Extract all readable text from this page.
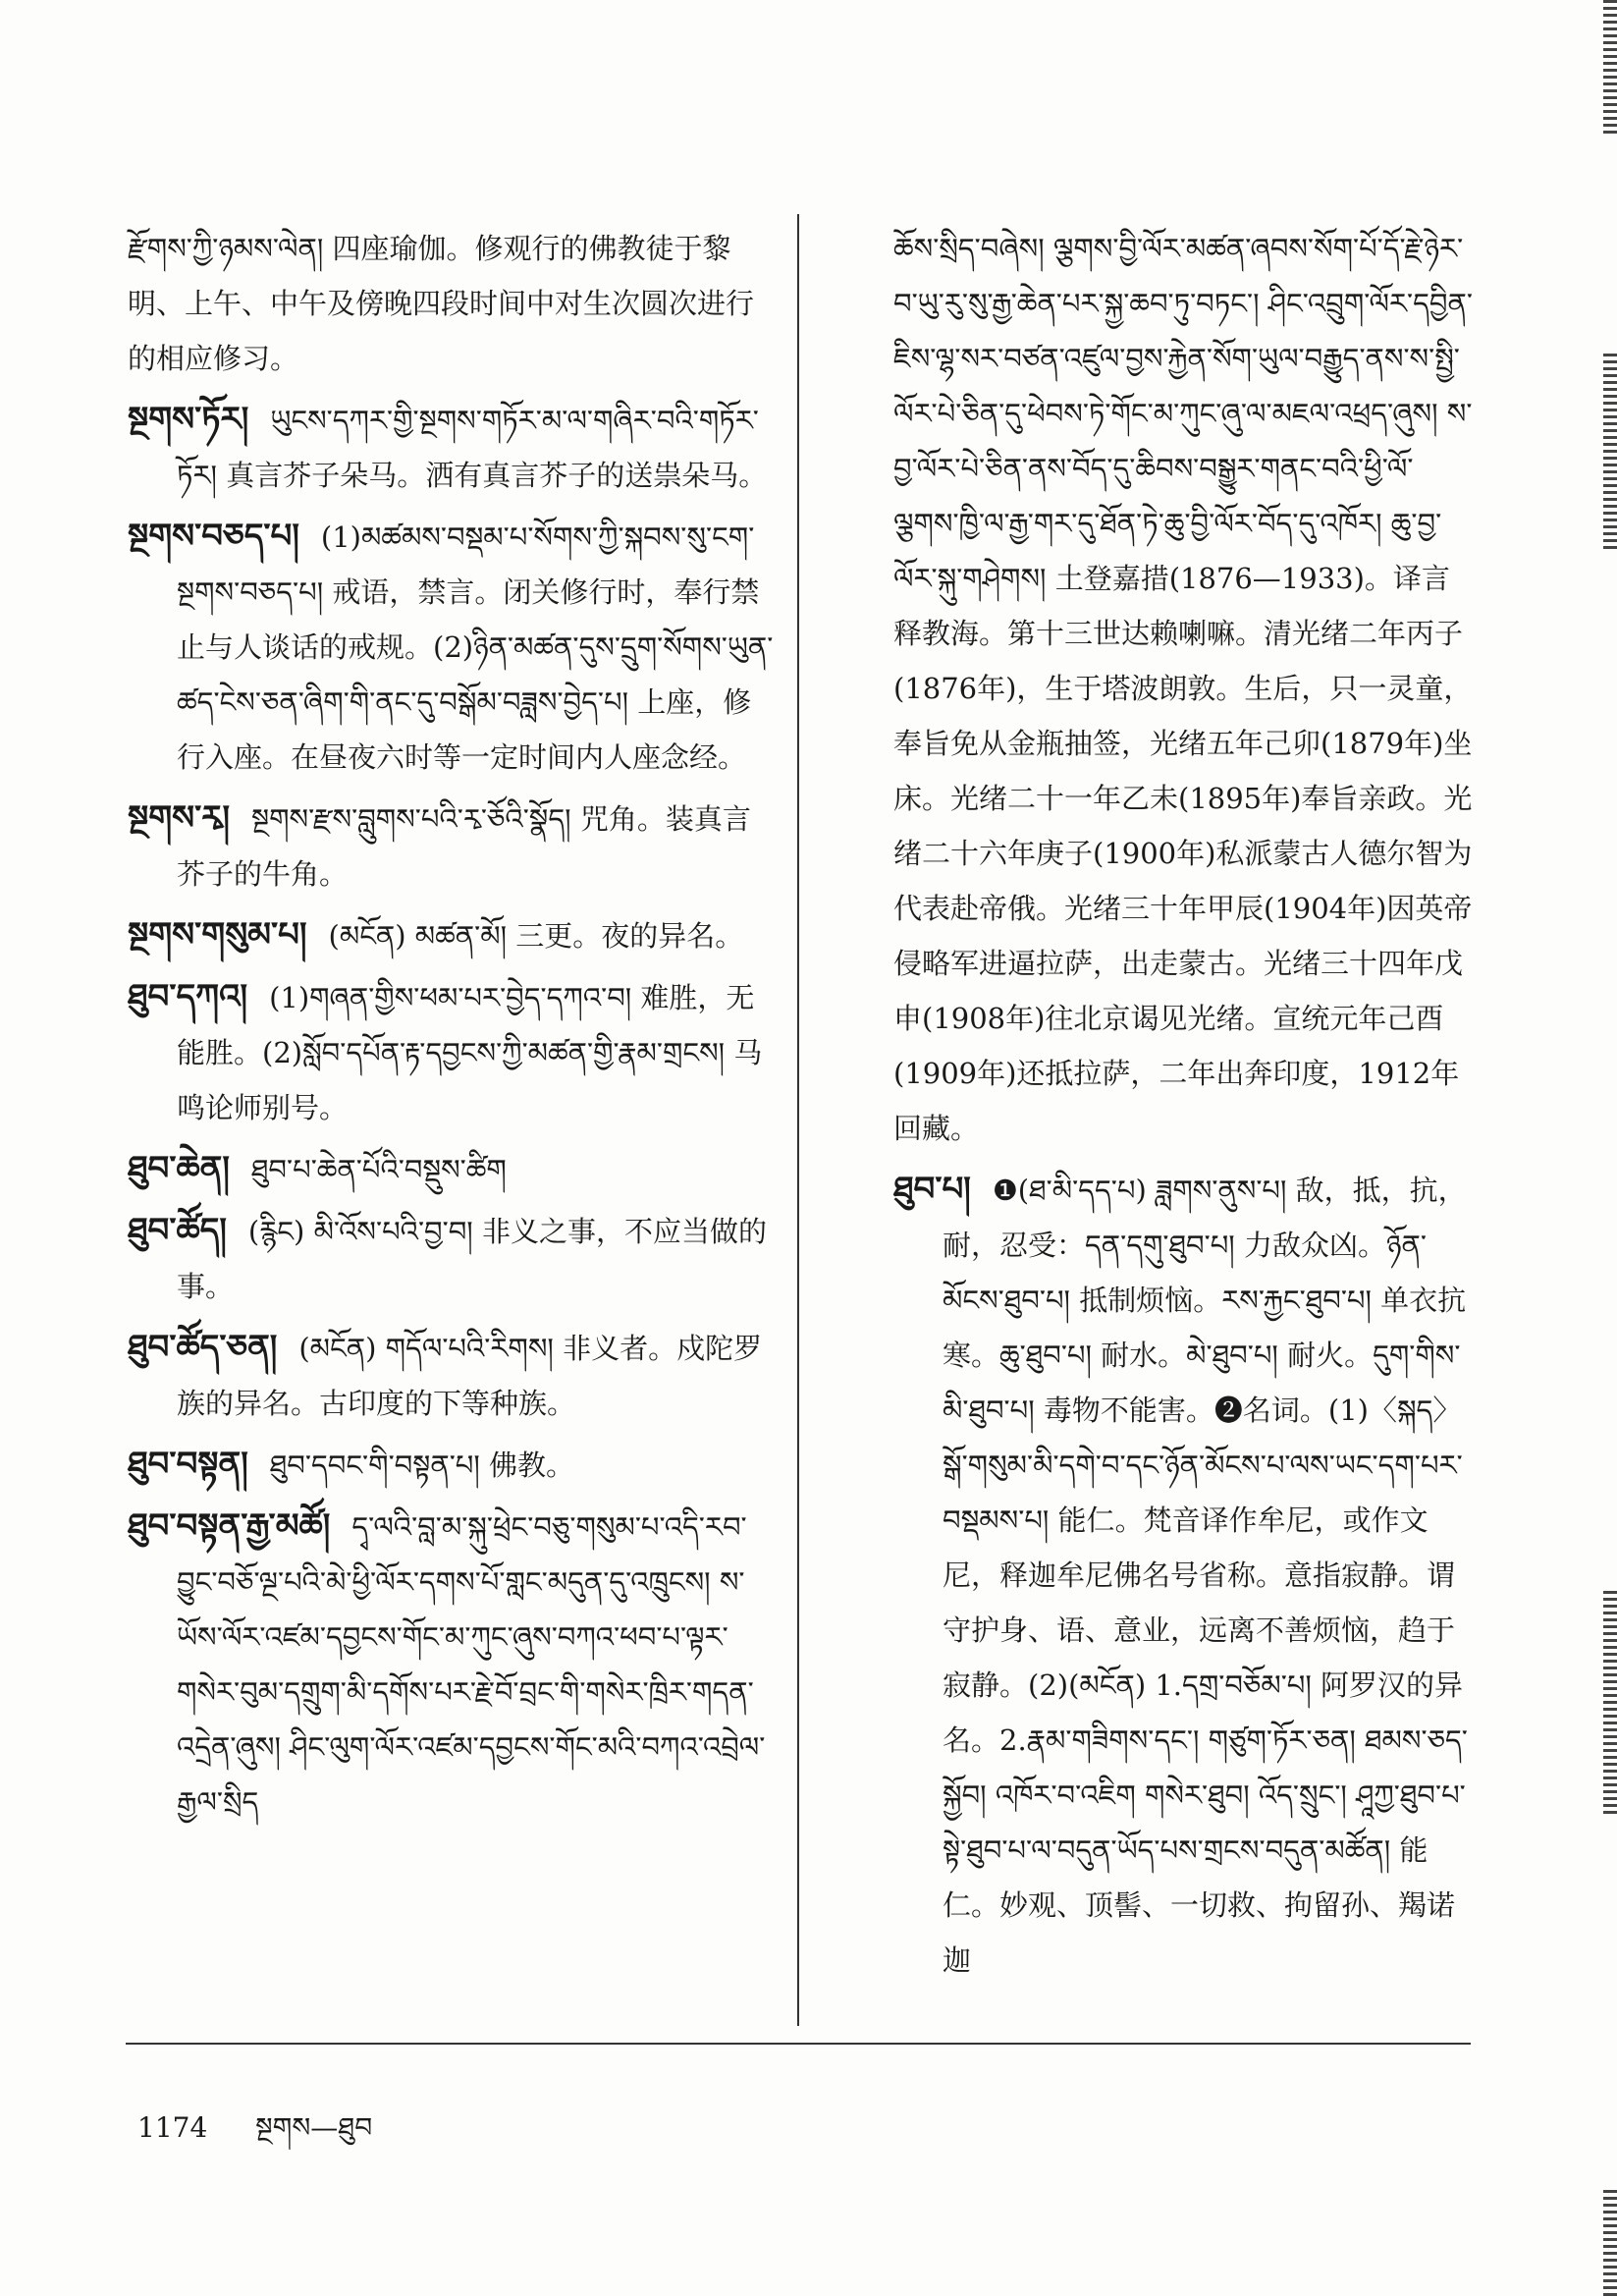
རྫོགས་ཀྱི་ཉམས་ལེན། 四座瑜伽。修观行的佛教徒于黎明、上午、中午及傍晚四段时间中对生次圆次进行的相应修习。
སྔགས་ཏོར། ཡུངས་དཀར་གྱི་སྔགས་གཏོར་མ་ལ་གཞིར་བའི་གཏོར་ཏོར། 真言芥子朵马。洒有真言芥子的送祟朵马。
སྔགས་བཅད་པ། (1)མཚམས་བསྡམ་པ་སོགས་ཀྱི་སྐབས་སུ་ངག་སྔགས་བཅད་པ། 戒语，禁言。闭关修行时，奉行禁止与人谈话的戒规。(2)ཉིན་མཚན་དུས་དྲུག་སོགས་ཡུན་ཚད་ངེས་ཅན་ཞིག་གི་ནང་དུ་བསྒོམ་བཟླས་བྱེད་པ། 上座，修行入座。在昼夜六时等一定时间内人座念经。
སྔགས་རྭ། སྔགས་རྫས་བླུགས་པའི་རྭ་ཅོའི་སྣོད། 咒角。装真言芥子的牛角。
སྔགས་གསུམ་པ། (མངོན) མཚན་མོ། 三更。夜的异名。
ཐུབ་དཀའ། (1)གཞན་གྱིས་ཕམ་པར་བྱེད་དཀའ་བ། 难胜，无能胜。(2)སློབ་དཔོན་རྟ་དབྱངས་ཀྱི་མཚན་གྱི་རྣམ་གྲངས། 马鸣论师别号。
ཐུབ་ཆེན། ཐུབ་པ་ཆེན་པོའི་བསྡུས་ཚིག
ཐུབ་ཚོད། (རྙིང) མི་འོས་པའི་བྱ་བ། 非义之事，不应当做的事。
ཐུབ་ཚོད་ཅན། (མངོན) གདོལ་པའི་རིགས། 非义者。戍陀罗族的异名。古印度的下等种族。
ཐུབ་བསྟན། ཐུབ་དབང་གི་བསྟན་པ། 佛教。
ཐུབ་བསྟན་རྒྱ་མཚོ། དྭ་ལའི་བླ་མ་སྐུ་ཕྲེང་བཅུ་གསུམ་པ་འདི་རབ་བྱུང་བཅོ་ལྔ་པའི་མེ་ཕྱི་ལོར་དགས་པོ་གླང་མདུན་དུ་འཁྲུངས། ས་ཡོས་ལོར་འཛམ་དབྱངས་གོང་མ་ཀུང་ཞུས་བཀའ་ཕབ་པ་ལྟར་གསེར་བུམ་དགྲུག་མི་དགོས་པར་རྗེ་བོ་བྲང་གི་གསེར་ཁྲིར་གདན་འདྲེན་ཞུས། ཤིང་ལུག་ལོར་འཛམ་དབྱངས་གོང་མའི་བཀའ་འབྲེལ་རྒྱལ་སྲིད
ཆོས་སྲིད་བཞེས། ལྕགས་བྱི་ལོར་མཚན་ཞབས་སོག་པོ་དོ་རྗེ་ཉེར་བ་ཡུ་རུ་སུ་རྒྱ་ཆེན་པར་སྐྱ་ཆབ་ཏུ་བཏང་། ཤིང་འབྲུག་ལོར་དབྱིན་ཇིས་ལྷ་སར་བཙན་འཛུལ་བྱས་རྐྱེན་སོག་ཡུལ་བརྒྱུད་ནས་ས་སྤྱི་ལོར་པེ་ཅིན་དུ་ཕེབས་ཏེ་གོང་མ་ཀུང་ཞུ་ལ་མཇལ་འཕྲད་ཞུས། ས་བྱ་ལོར་པེ་ཅིན་ནས་བོད་དུ་ཆིབས་བསྒྱུར་གནང་བའི་ཕྱི་ལོ་ལྕགས་ཁྱི་ལ་རྒྱ་གར་དུ་ཐོན་ཏེ་ཆུ་བྱི་ལོར་བོད་དུ་འཁོར། ཆུ་བྱ་ལོར་སྐུ་གཤེགས། 土登嘉措(1876—1933)。译言释教海。第十三世达赖喇嘛。清光绪二年丙子(1876年)，生于塔波朗敦。生后，只一灵童，奉旨免从金瓶抽签，光绪五年己卯(1879年)坐床。光绪二十一年乙未(1895年)奉旨亲政。光绪二十六年庚子(1900年)私派蒙古人德尔智为代表赴帝俄。光绪三十年甲辰(1904年)因英帝侵略军进逼拉萨，出走蒙古。光绪三十四年戊申(1908年)往北京谒见光绪。宣统元年己酉(1909年)还抵拉萨，二年出奔印度，1912年回藏。
ཐུབ་པ། ❶(ཐ་མི་དད་པ) ཟླགས་ནུས་པ། 敌，抵，抗，耐，忍受：དན་དགུ་ཐུབ་པ། 力敌众凶。ཉོན་མོངས་ཐུབ་པ། 抵制烦恼。རས་རྐྱང་ཐུབ་པ། 单衣抗寒。ཆུ་ཐུབ་པ། 耐水。མེ་ཐུབ་པ། 耐火。དུག་གིས་མི་ཐུབ་པ། 毒物不能害。❷名词。(1)〈སྐད〉སྒོ་གསུམ་མི་དགེ་བ་དང་ཉོན་མོངས་པ་ལས་ཡང་དག་པར་བསྡམས་པ། 能仁。梵音译作牟尼，或作文尼，释迦牟尼佛名号省称。意指寂静。谓守护身、语、意业，远离不善烦恼，趋于寂静。(2)(མངོན) 1.དགྲ་བཅོམ་པ། 阿罗汉的异名。2.རྣམ་གཟིགས་དང་། གཙུག་ཏོར་ཅན། ཐམས་ཅད་སྐྱོབ། འཁོར་བ་འཇིག གསེར་ཐུབ། འོད་སྲུང་། ཤཱཀྱ་ཐུབ་པ་སྟེ་ཐུབ་པ་ལ་བདུན་ཡོད་པས་གྲངས་བདུན་མཚོན། 能仁。妙观、顶髻、一切救、拘留孙、羯诺迦
1174 སྔགས—ཐུབ
